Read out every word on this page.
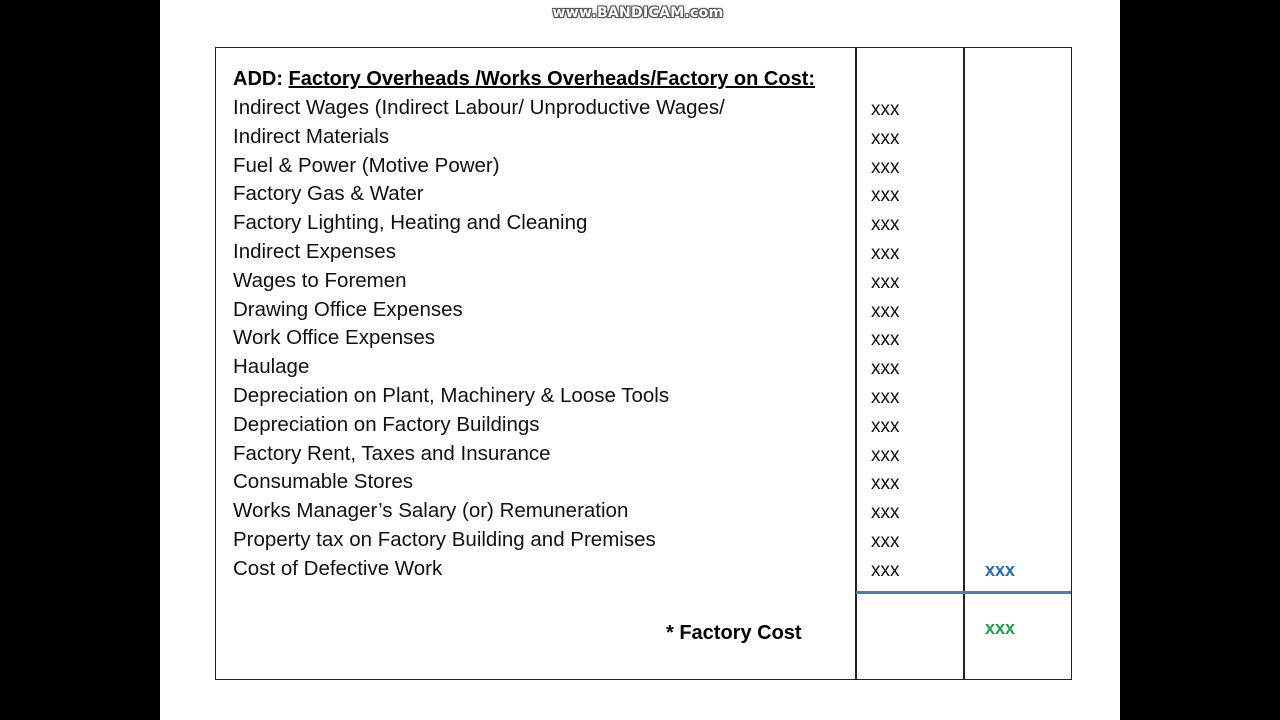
www.BANDICAM.com
ADD: Factory Overheads /Works Overheads/Factory on Cost:
Indirect Wages (Indirect Labour/ Unproductive Wages/
Indirect Materials
Fuel & Power (Motive Power)
Factory Gas & Water
Factory Lighting, Heating and Cleaning
Indirect Expenses
Wages to Foremen
Drawing Office Expenses
Work Office Expenses
Haulage
Depreciation on Plant, Machinery & Loose Tools
Depreciation on Factory Buildings
Factory Rent, Taxes and Insurance
Consumable Stores
Works Manager’s Salary (or) Remuneration
Property tax on Factory Building and Premises
Cost of Defective Work
xxx
xxx
xxx
xxx
xxx
xxx
xxx
xxx
xxx
xxx
xxx
xxx
xxx
xxx
xxx
xxx
xxx	xxx
* Factory Cost	xxx
